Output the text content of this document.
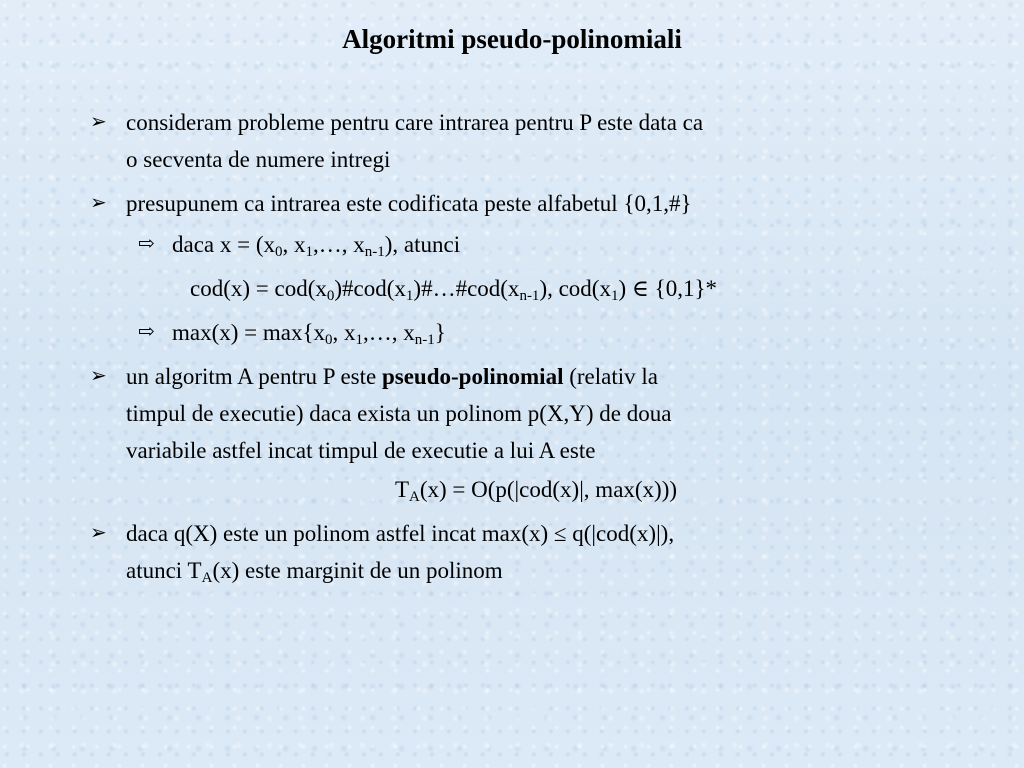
Algoritmi pseudo-polinomiali
➢ consideram probleme pentru care intrarea pentru P este data ca
o secventa de numere intregi
➢ presupunem ca intrarea este codificata peste alfabetul {0,1,#}
⇨ daca $x = (x_0$, $x_1,\dots$, $x_{n-1}$), atunci
$cod(x) = cod(x_0)\#cod(x_1)\#\dots\#cod(x_{n-1})$, $cod(x_1)$ ∈ {0,1}*
⇨ $\max(x) = \max\{x_0$, $x_1,\dots$, $x_{n-1}$}
➢ un algoritm A pentru P este pseudo-polinomial (relativ la
timpul de executie) daca exista un polinom p(X,Y) de doua
variabile astfel incat timpul de executie a lui A este
$T_A(x) = O(p(|cod(x)|$, max(x)))
➢ daca q(X) este un polinom astfel incat max(x) ≤ q(|cod(x)|),
atunci $T_A(x)$ este marginit de un polinom
